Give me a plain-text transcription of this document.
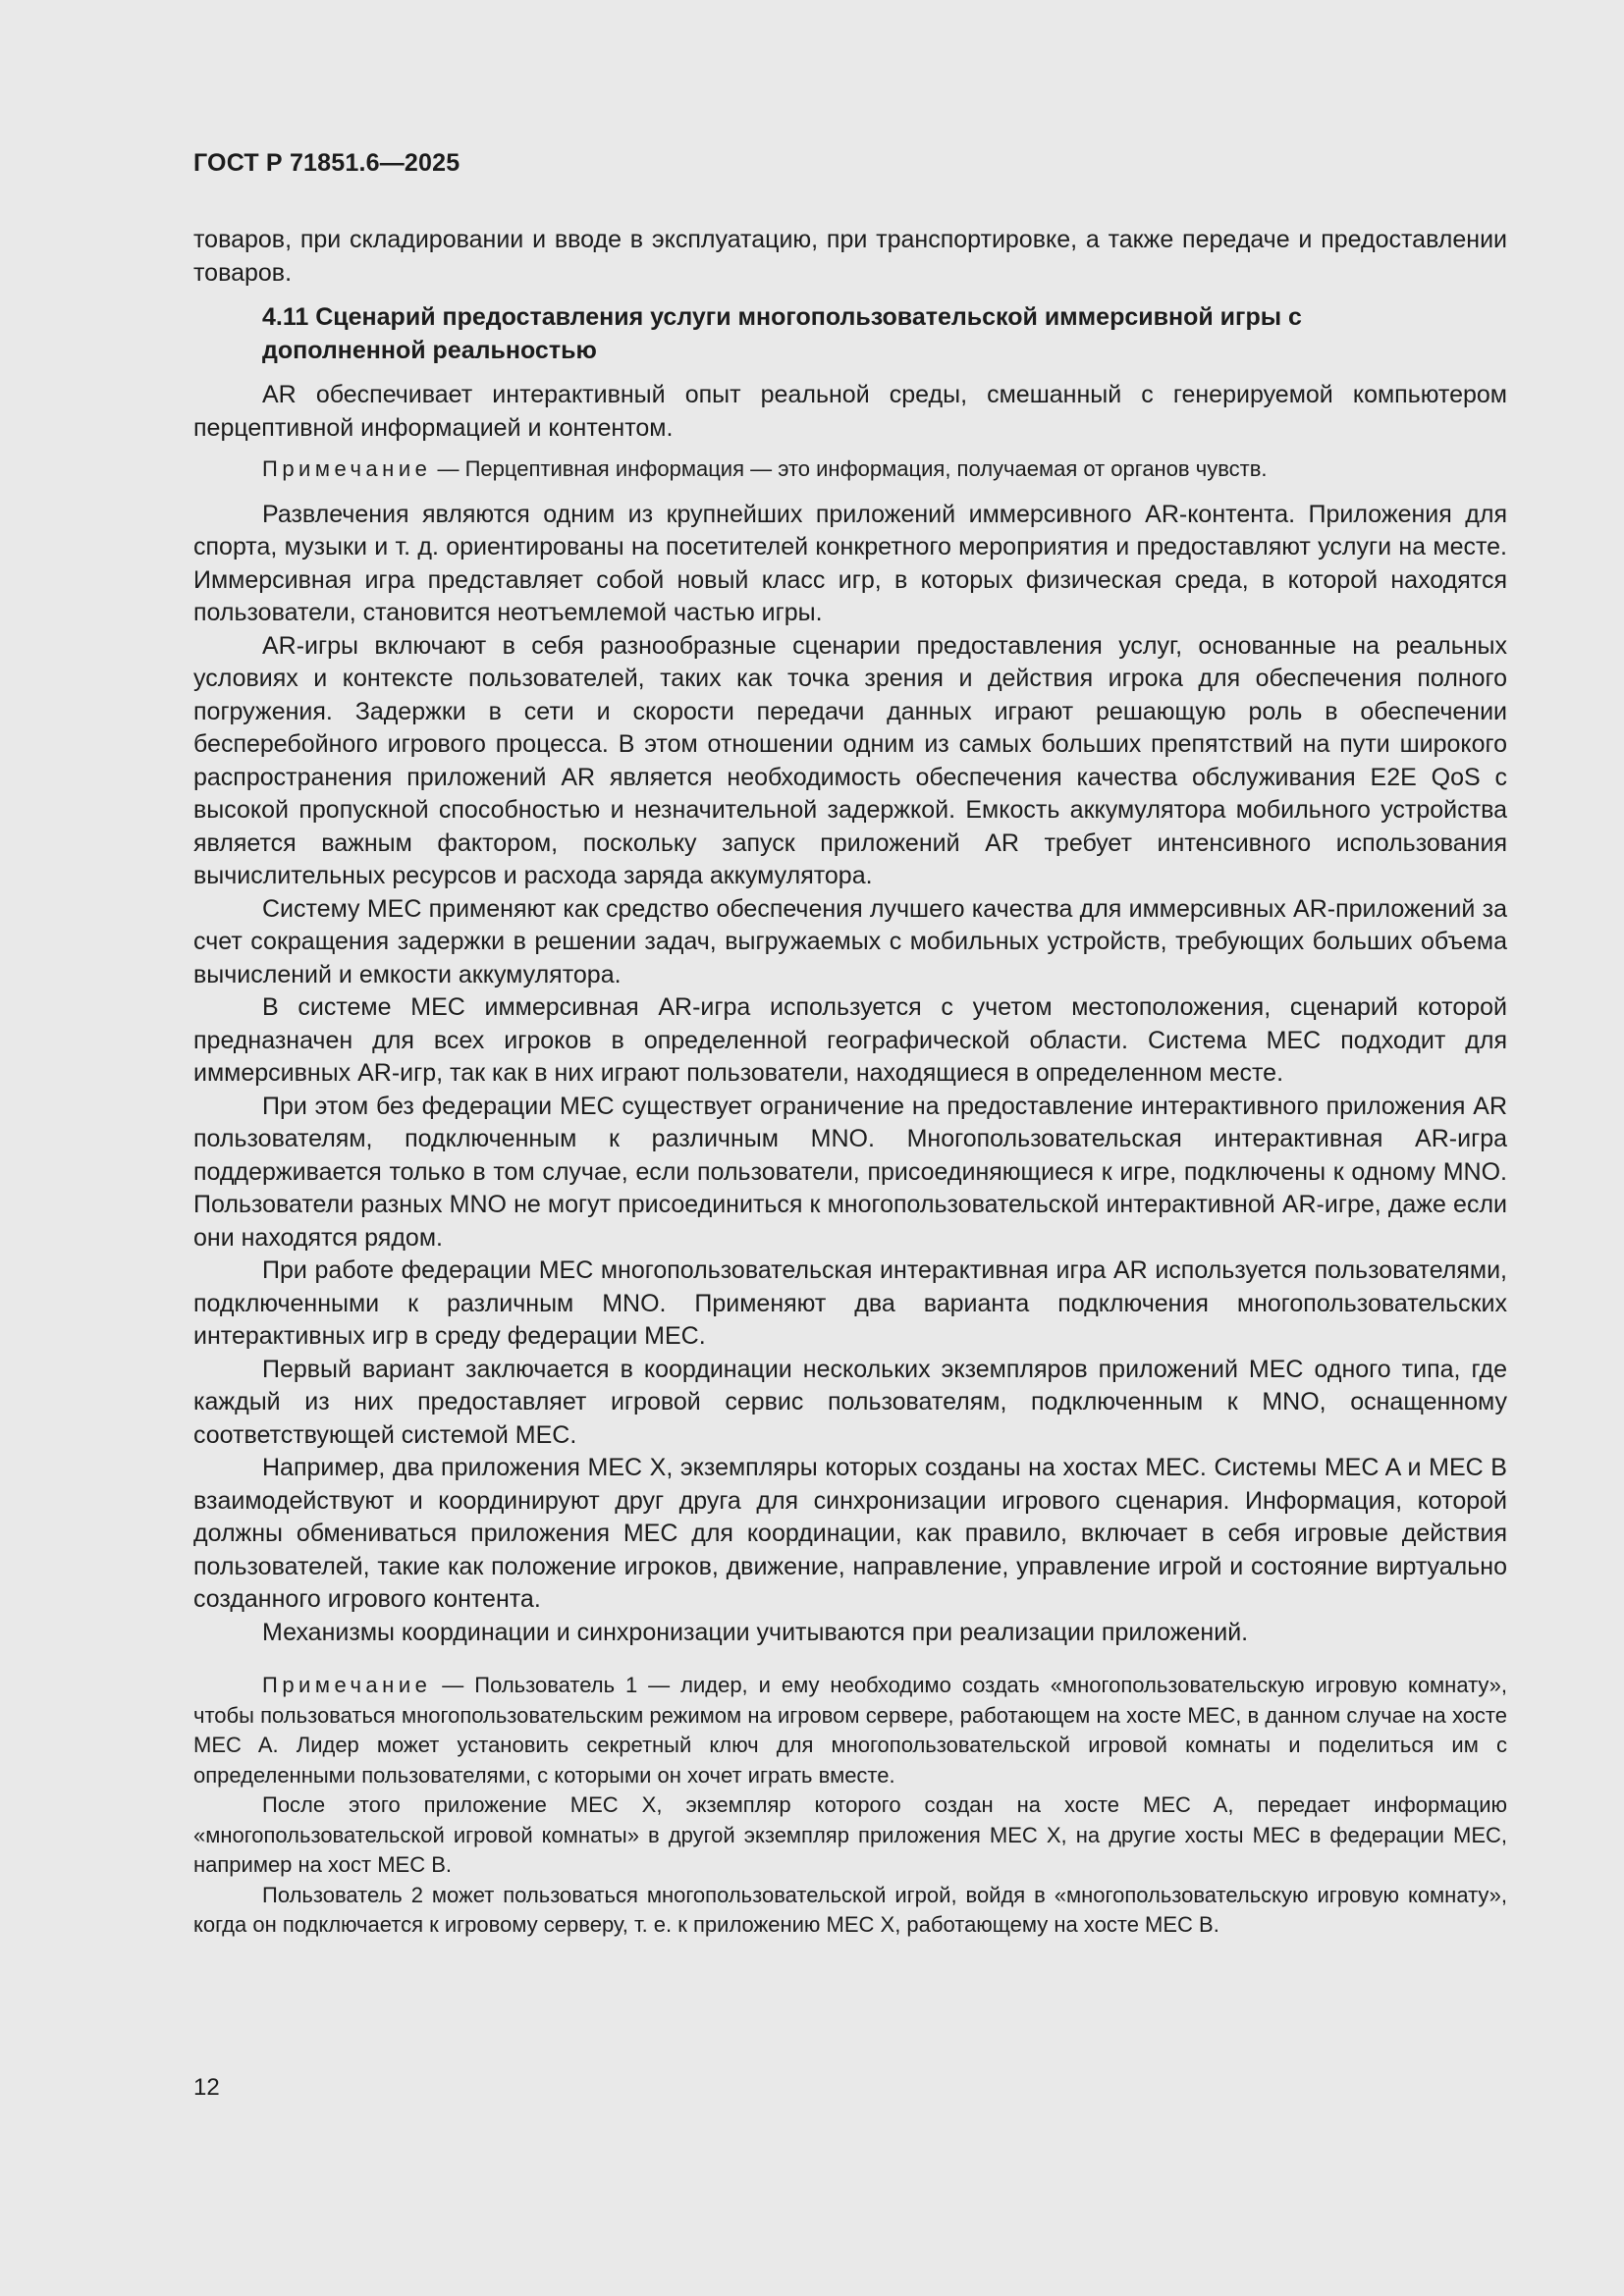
ГОСТ Р 71851.6—2025

товаров, при складировании и вводе в эксплуатацию, при транспортировке, а также передаче и предоставлении товаров.

4.11 Сценарий предоставления услуги многопользовательской иммерсивной игры с дополненной реальностью

AR обеспечивает интерактивный опыт реальной среды, смешанный с генерируемой компьютером перцептивной информацией и контентом.

Примечание — Перцептивная информация — это информация, получаемая от органов чувств.

Развлечения являются одним из крупнейших приложений иммерсивного AR-контента. Приложения для спорта, музыки и т. д. ориентированы на посетителей конкретного мероприятия и предоставляют услуги на месте. Иммерсивная игра представляет собой новый класс игр, в которых физическая среда, в которой находятся пользователи, становится неотъемлемой частью игры.

AR-игры включают в себя разнообразные сценарии предоставления услуг, основанные на реальных условиях и контексте пользователей, таких как точка зрения и действия игрока для обеспечения полного погружения. Задержки в сети и скорости передачи данных играют решающую роль в обеспечении бесперебойного игрового процесса. В этом отношении одним из самых больших препятствий на пути широкого распространения приложений AR является необходимость обеспечения качества обслуживания E2E QoS с высокой пропускной способностью и незначительной задержкой. Емкость аккумулятора мобильного устройства является важным фактором, поскольку запуск приложений AR требует интенсивного использования вычислительных ресурсов и расхода заряда аккумулятора.

Систему MEC применяют как средство обеспечения лучшего качества для иммерсивных AR-приложений за счет сокращения задержки в решении задач, выгружаемых с мобильных устройств, требующих больших объема вычислений и емкости аккумулятора.

В системе MEC иммерсивная AR-игра используется с учетом местоположения, сценарий которой предназначен для всех игроков в определенной географической области. Система MEC подходит для иммерсивных AR-игр, так как в них играют пользователи, находящиеся в определенном месте.

При этом без федерации MEC существует ограничение на предоставление интерактивного приложения AR пользователям, подключенным к различным MNO. Многопользовательская интерактивная AR-игра поддерживается только в том случае, если пользователи, присоединяющиеся к игре, подключены к одному MNO. Пользователи разных MNO не могут присоединиться к многопользовательской интерактивной AR-игре, даже если они находятся рядом.

При работе федерации MEC многопользовательская интерактивная игра AR используется пользователями, подключенными к различным MNO. Применяют два варианта подключения многопользовательских интерактивных игр в среду федерации MEC.

Первый вариант заключается в координации нескольких экземпляров приложений MEC одного типа, где каждый из них предоставляет игровой сервис пользователям, подключенным к MNO, оснащенному соответствующей системой MEC.

Например, два приложения MEC X, экземпляры которых созданы на хостах MEC. Системы MEC A и MEC B взаимодействуют и координируют друг друга для синхронизации игрового сценария. Информация, которой должны обмениваться приложения MEC для координации, как правило, включает в себя игровые действия пользователей, такие как положение игроков, движение, направление, управление игрой и состояние виртуально созданного игрового контента.

Механизмы координации и синхронизации учитываются при реализации приложений.

Примечание — Пользователь 1 — лидер, и ему необходимо создать «многопользовательскую игровую комнату», чтобы пользоваться многопользовательским режимом на игровом сервере, работающем на хосте MEC, в данном случае на хосте MEC A. Лидер может установить секретный ключ для многопользовательской игровой комнаты и поделиться им с определенными пользователями, с которыми он хочет играть вместе.

После этого приложение MEC X, экземпляр которого создан на хосте MEC A, передает информацию «многопользовательской игровой комнаты» в другой экземпляр приложения MEC X, на другие хосты MEC в федерации MEC, например на хост MEC B.

Пользователь 2 может пользоваться многопользовательской игрой, войдя в «многопользовательскую игровую комнату», когда он подключается к игровому серверу, т. е. к приложению MEC X, работающему на хосте MEC B.

12
